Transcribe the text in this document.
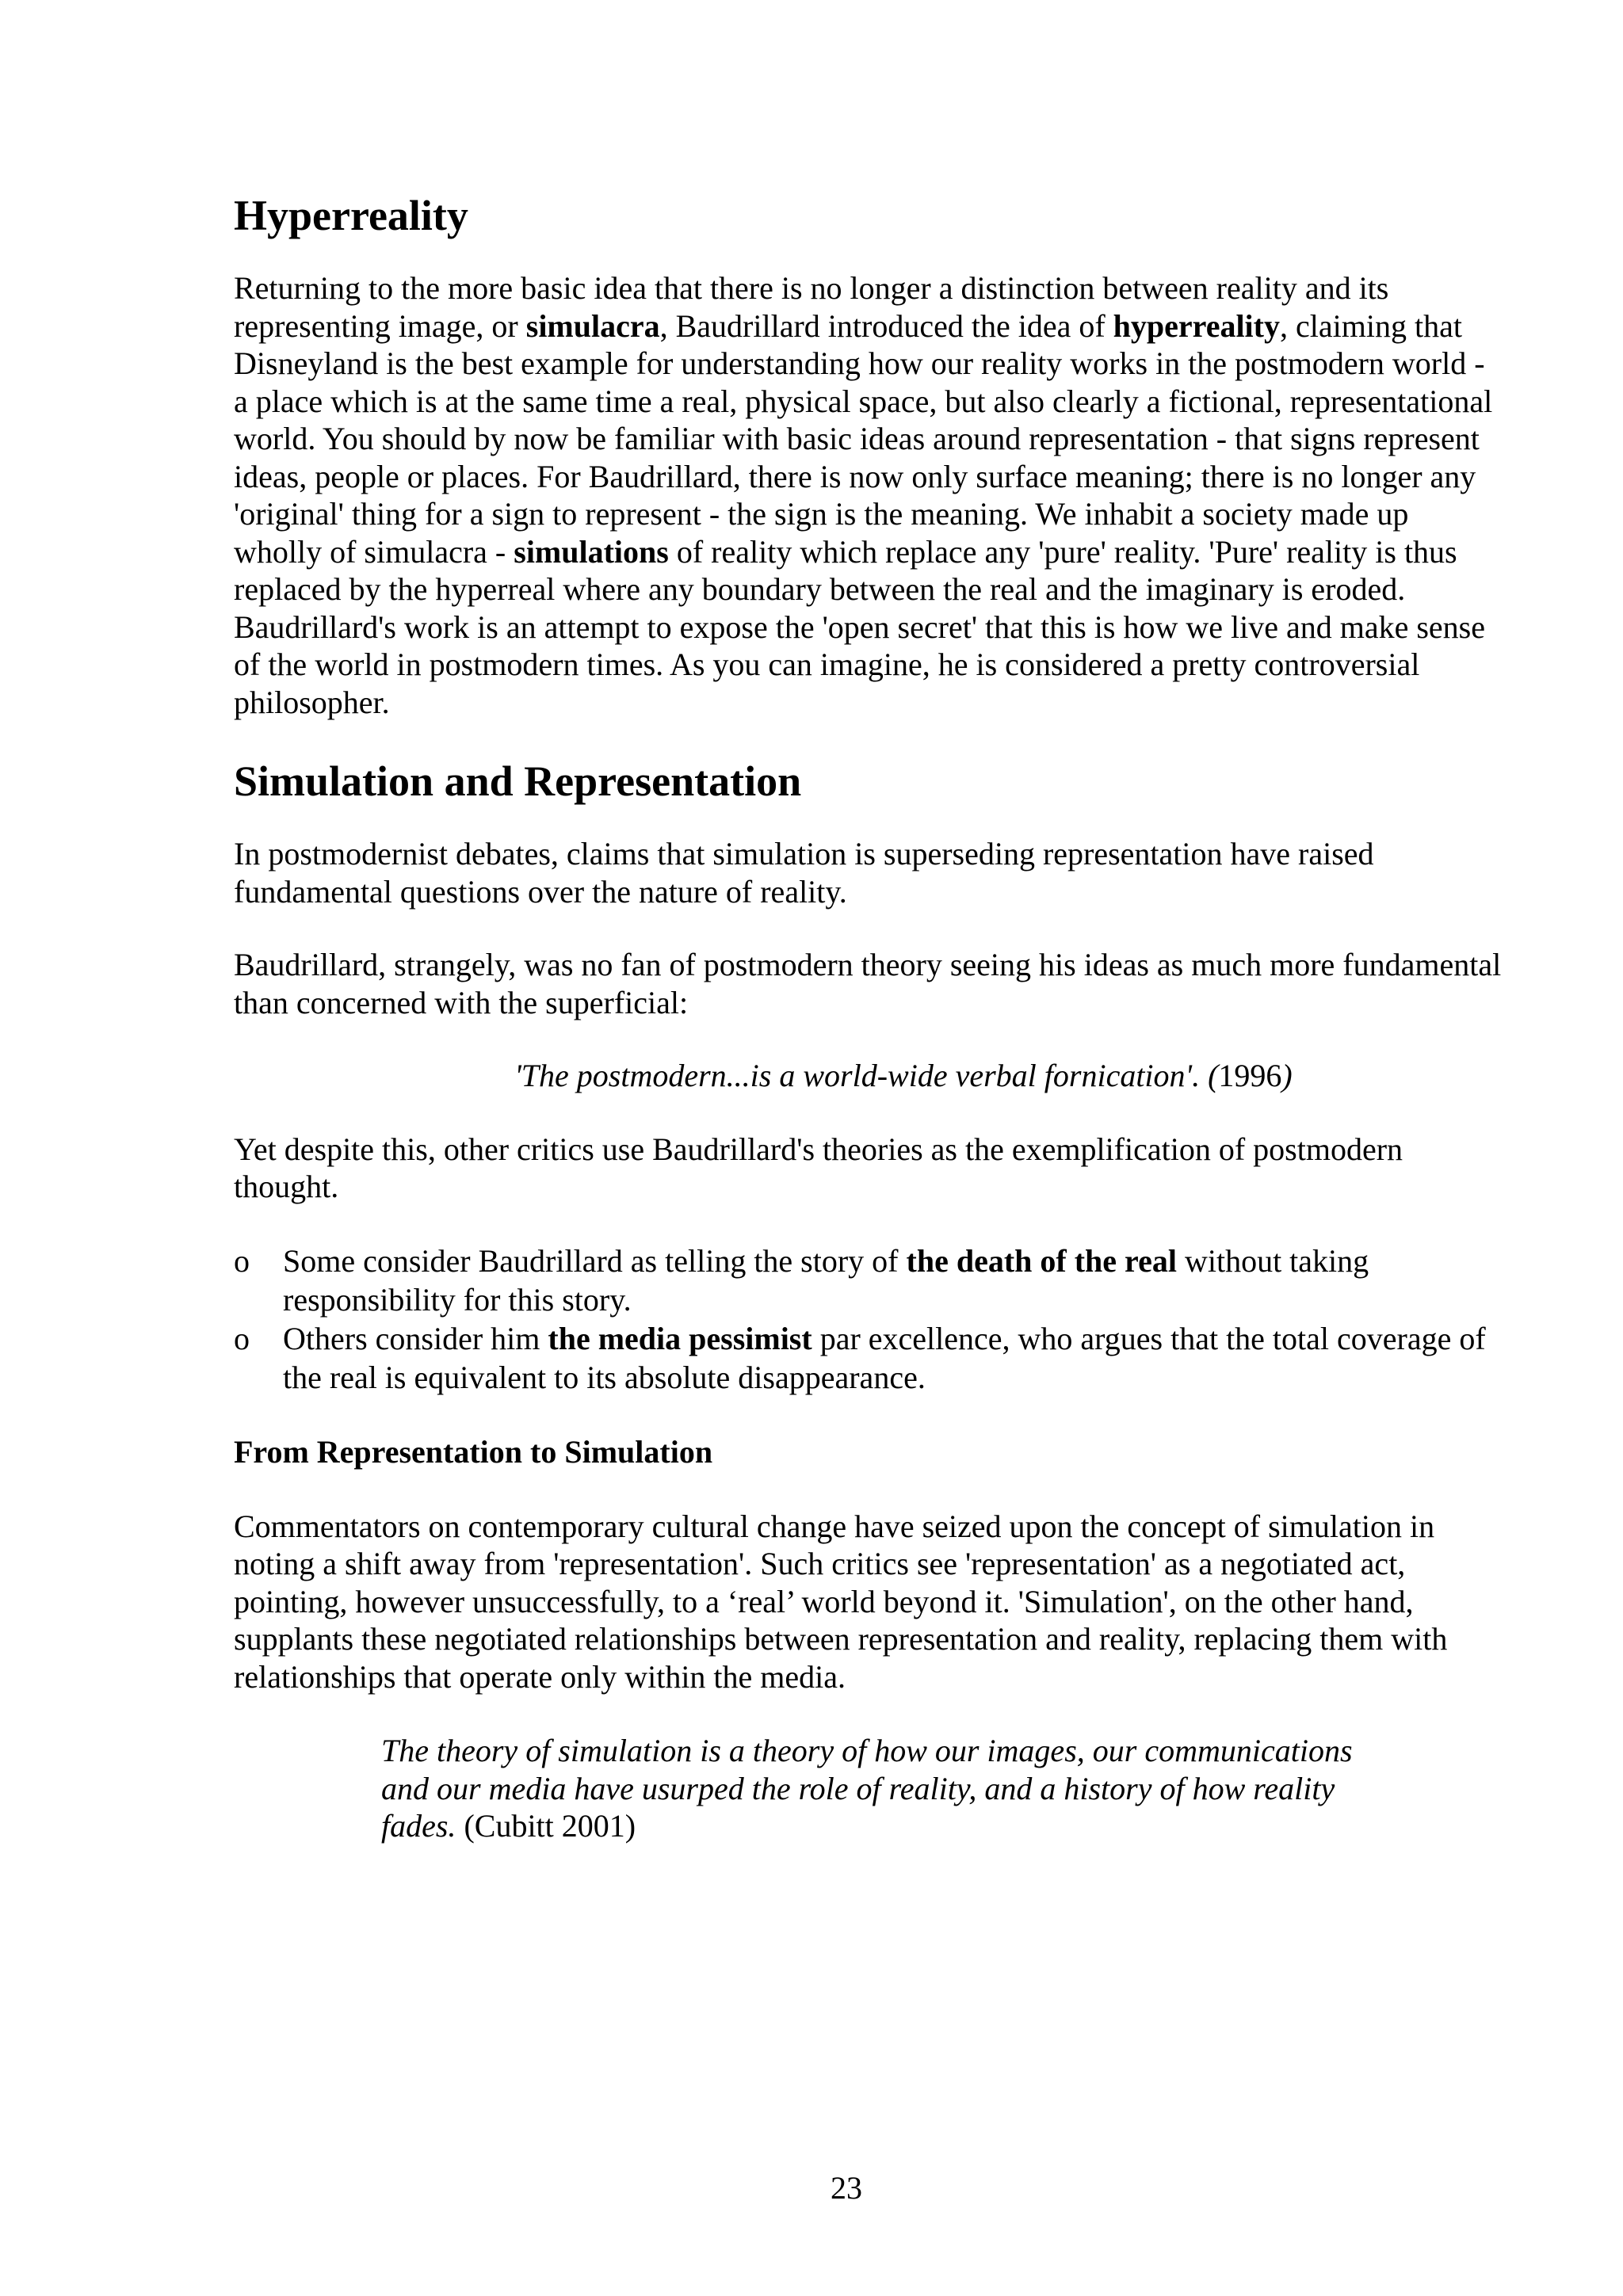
Hyperreality

Returning to the more basic idea that there is no longer a distinction between reality and its representing image, or simulacra, Baudrillard introduced the idea of hyperreality, claiming that Disneyland is the best example for understanding how our reality works in the postmodern world - a place which is at the same time a real, physical space, but also clearly a fictional, representational world. You should by now be familiar with basic ideas around representation - that signs represent ideas, people or places. For Baudrillard, there is now only surface meaning; there is no longer any 'original' thing for a sign to represent - the sign is the meaning. We inhabit a society made up wholly of simulacra - simulations of reality which replace any 'pure' reality. 'Pure' reality is thus replaced by the hyperreal where any boundary between the real and the imaginary is eroded. Baudrillard's work is an attempt to expose the 'open secret' that this is how we live and make sense of the world in postmodern times. As you can imagine, he is considered a pretty controversial philosopher.

Simulation and Representation

In postmodernist debates, claims that simulation is superseding representation have raised fundamental questions over the nature of reality.

Baudrillard, strangely, was no fan of postmodern theory seeing his ideas as much more fundamental than concerned with the superficial:

'The postmodern...is a world-wide verbal fornication'. (1996)

Yet despite this, other critics use Baudrillard's theories as the exemplification of postmodern thought.

o Some consider Baudrillard as telling the story of the death of the real without taking responsibility for this story.
o Others consider him the media pessimist par excellence, who argues that the total coverage of the real is equivalent to its absolute disappearance.
From Representation to Simulation

Commentators on contemporary cultural change have seized upon the concept of simulation in noting a shift away from 'representation'. Such critics see 'representation' as a negotiated act, pointing, however unsuccessfully, to a ‘real’ world beyond it. 'Simulation', on the other hand, supplants these negotiated relationships between representation and reality, replacing them with relationships that operate only within the media.

The theory of simulation is a theory of how our images, our communications and our media have usurped the role of reality, and a history of how reality fades. (Cubitt 2001)

23
